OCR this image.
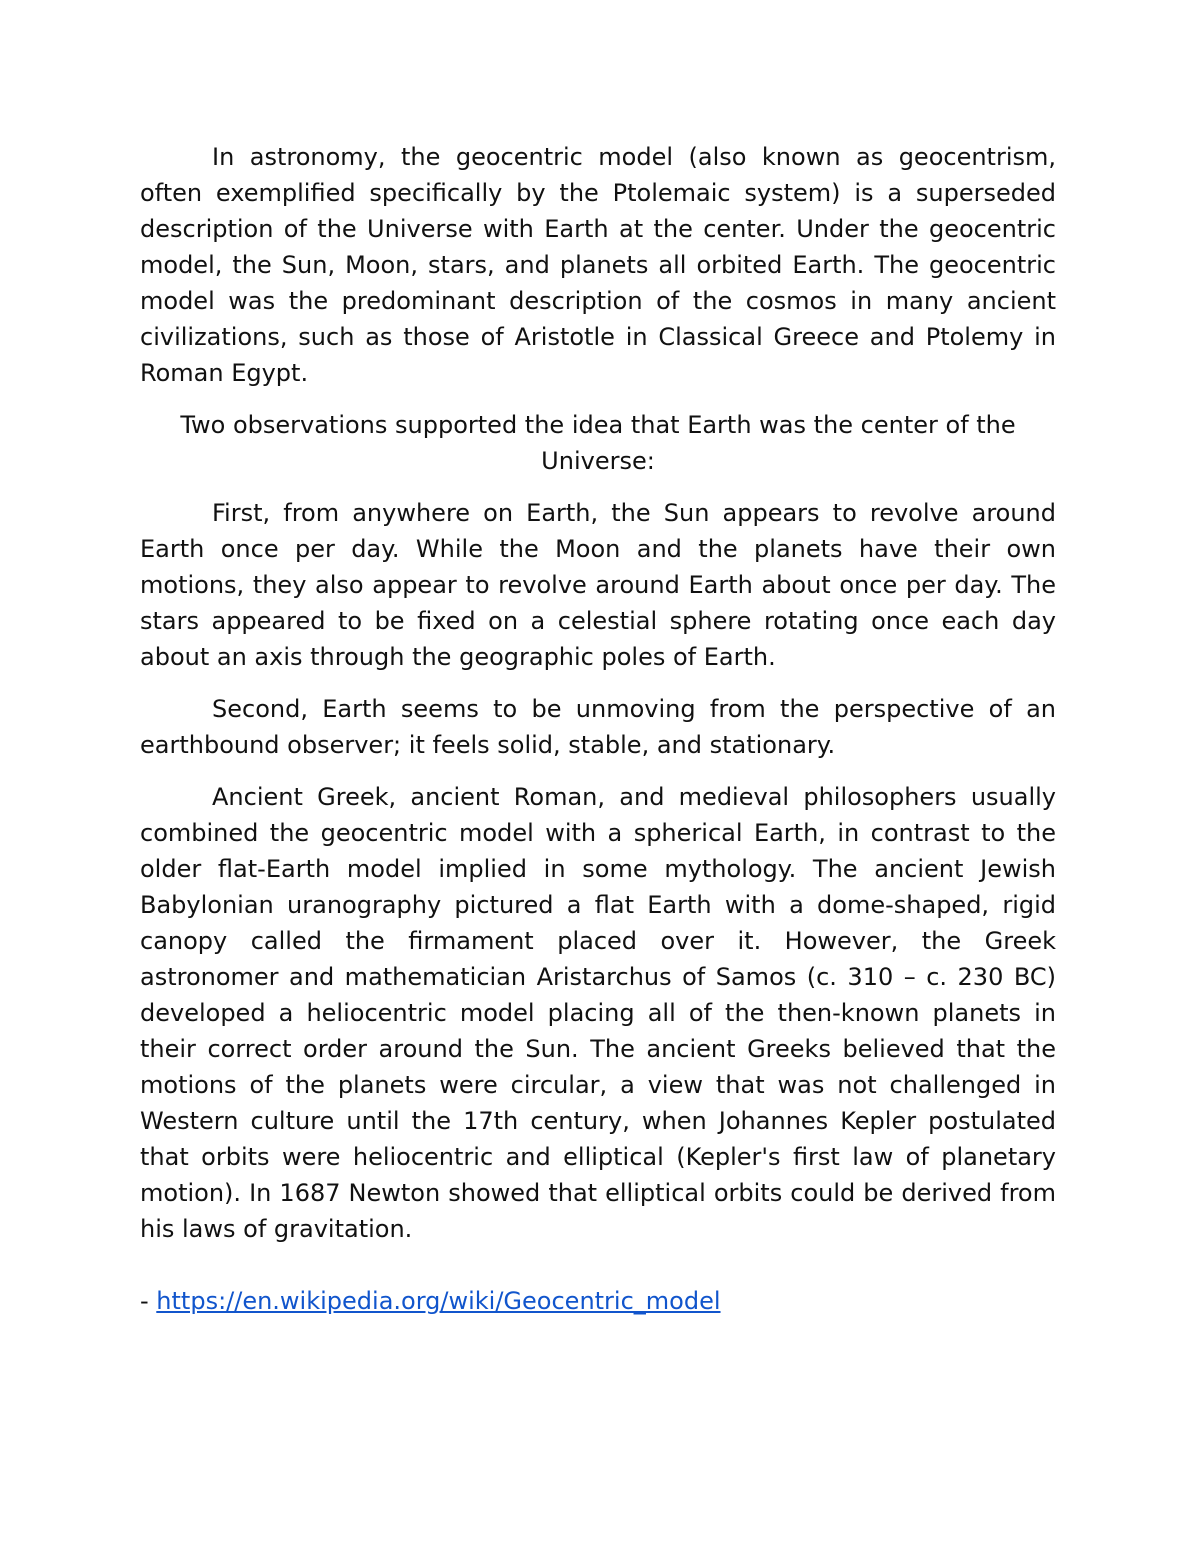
In astronomy, the geocentric model (also known as geocentrism, often exemplified specifically by the Ptolemaic system) is a superseded description of the Universe with Earth at the center. Under the geocentric model, the Sun, Moon, stars, and planets all orbited Earth. The geocentric model was the predominant description of the cosmos in many ancient civilizations, such as those of Aristotle in Classical Greece and Ptolemy in Roman Egypt.

Two observations supported the idea that Earth was the center of the Universe:

First, from anywhere on Earth, the Sun appears to revolve around Earth once per day. While the Moon and the planets have their own motions, they also appear to revolve around Earth about once per day. The stars appeared to be fixed on a celestial sphere rotating once each day about an axis through the geographic poles of Earth.

Second, Earth seems to be unmoving from the perspective of an earthbound observer; it feels solid, stable, and stationary.

Ancient Greek, ancient Roman, and medieval philosophers usually combined the geocentric model with a spherical Earth, in contrast to the older flat-Earth model implied in some mythology. The ancient Jewish Babylonian uranography pictured a flat Earth with a dome-shaped, rigid canopy called the firmament placed over it. However, the Greek astronomer and mathematician Aristarchus of Samos (c. 310 – c. 230 BC) developed a heliocentric model placing all of the then-known planets in their correct order around the Sun. The ancient Greeks believed that the motions of the planets were circular, a view that was not challenged in Western culture until the 17th century, when Johannes Kepler postulated that orbits were heliocentric and elliptical (Kepler's first law of planetary motion). In 1687 Newton showed that elliptical orbits could be derived from his laws of gravitation.

- https://en.wikipedia.org/wiki/Geocentric_model
